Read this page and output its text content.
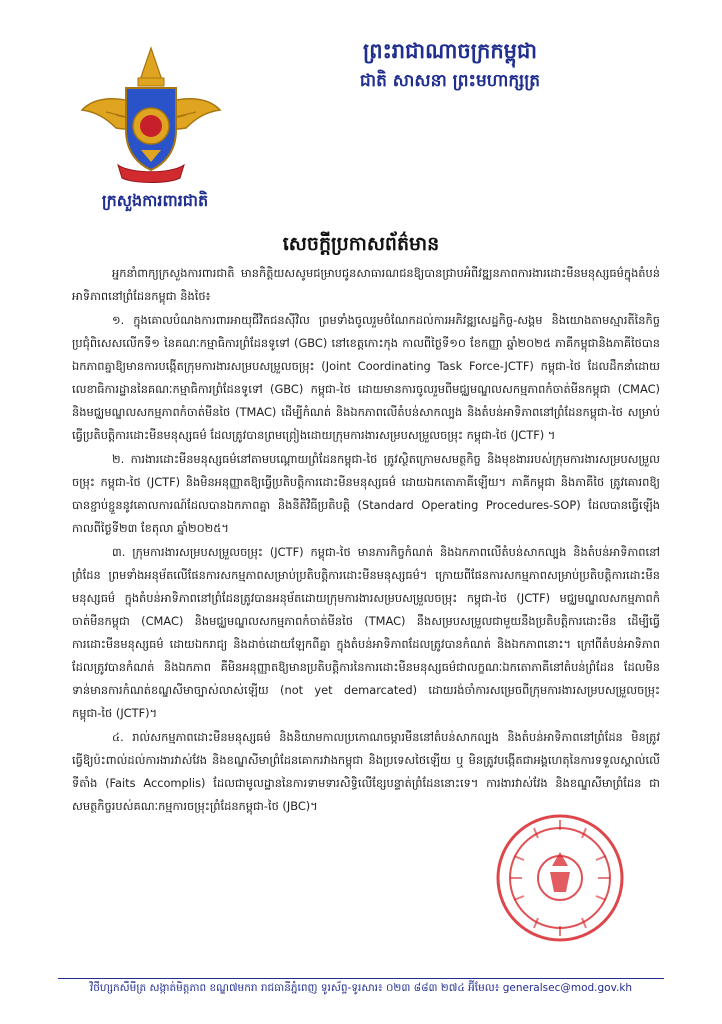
ក្រសួងការពារជាតិ
ព្រះរាជាណាចក្រកម្ពុជា
ជាតិ សាសនា ព្រះមហាក្សត្រ
សេចក្តីប្រកាសព័ត៌មាន

អ្នកនាំពាក្យក្រសួងការពារជាតិ មានកិត្តិយសសូមជម្រាបជូនសាធារណជនឱ្យបានជ្រាបអំពីវឌ្ឍនភាពការងារដោះមីនមនុស្សធម៌ក្នុងតំបន់អាទិភាពនៅព្រំដែនកម្ពុជា និងថៃ៖

១. ក្នុងគោលបំណងការពារអាយុជីវិតជនស៊ីវិល ព្រមទាំងចូលរួមចំណែកដល់ការអភិវឌ្ឍសេដ្ឋកិច្ច-សង្គម និងយោងតាមស្មារតីនៃកិច្ចប្រជុំពិសេសលើកទី១ នៃគណៈកម្មាធិការព្រំដែនទូទៅ (GBC) នៅខេត្តកោះកុង កាលពីថ្ងៃទី១០ ខែកញ្ញា ឆ្នាំ២០២៥ ភាគីកម្ពុជានិងភាគីថៃបានឯកភាពគ្នាឱ្យមានការបង្កើតក្រុមការងារសម្របសម្រួលចម្រុះ (Joint Coordinating Task Force-JCTF) កម្ពុជា-ថៃ ដែលដឹកនាំដោយលេខាធិការដ្ឋាននៃគណៈកម្មាធិការព្រំដែនទូទៅ (GBC) កម្ពុជា-ថៃ ដោយមានការចូលរួមពីមជ្ឈមណ្ឌលសកម្មភាពកំចាត់មីនកម្ពុជា (CMAC) និងមជ្ឈមណ្ឌលសកម្មភាពកំចាត់មីនថៃ (TMAC) ដើម្បីកំណត់ និងឯកភាពលើតំបន់សាកល្បង និងតំបន់អាទិភាពនៅព្រំដែនកម្ពុជា-ថៃ សម្រាប់ធ្វើប្រតិបត្តិការដោះមីនមនុស្សធម៌ ដែលត្រូវបានព្រមព្រៀងដោយក្រុមការងារសម្របសម្រួលចម្រុះ កម្ពុជា-ថៃ (JCTF) ។

២. ការងារដោះមីនមនុស្សធម៌នៅតាមបណ្តោយព្រំដែនកម្ពុជា-ថៃ ត្រូវស្ថិតក្រោមសមត្ថកិច្ច និងមុខងាររបស់ក្រុមការងារសម្របសម្រួលចម្រុះ កម្ពុជា-ថៃ (JCTF) និងមិនអនុញ្ញាតឱ្យធ្វើប្រតិបត្តិការដោះមីនមនុស្សធម៌ ដោយឯកតោភាគីឡើយ។ ភាគីកម្ពុជា និងភាគីថៃ ត្រូវគោរពឱ្យបានខ្ជាប់ខ្ជួននូវគោលការណ៍ដែលបានឯកភាពគ្នា និងនីតិវិធីប្រតិបត្តិ (Standard Operating Procedures-SOP) ដែលបានធ្វើឡើងកាលពីថ្ងៃទី២៣ ខែតុលា ឆ្នាំ២០២៥។

៣. ក្រុមការងារសម្របសម្រួលចម្រុះ (JCTF) កម្ពុជា-ថៃ មានភារកិច្ចកំណត់ និងឯកភាពលើតំបន់សាកល្បង និងតំបន់អាទិភាពនៅព្រំដែន ព្រមទាំងអនុម័តលើផែនការសកម្មភាពសម្រាប់ប្រតិបត្តិការដោះមីនមនុស្សធម៌។ ក្រោយពីផែនការសកម្មភាពសម្រាប់ប្រតិបត្តិការដោះមីនមនុស្សធម៌ ក្នុងតំបន់អាទិភាពនៅព្រំដែនត្រូវបានអនុម័តដោយក្រុមការងារសម្របសម្រួលចម្រុះ កម្ពុជា-ថៃ (JCTF) មជ្ឈមណ្ឌលសកម្មភាពកំចាត់មីនកម្ពុជា (CMAC) និងមជ្ឈមណ្ឌលសកម្មភាពកំចាត់មីនថៃ (TMAC) នឹងសម្របសម្រួលជាមួយនឹងប្រតិបត្តិការដោះមីន ដើម្បីធ្វើការដោះមីនមនុស្សធម៌ ដោយឯករាជ្យ និងដាច់ដោយឡែកពីគ្នា ក្នុងតំបន់អាទិភាពដែលត្រូវបានកំណត់ និងឯកភាពនោះ។ ក្រៅពីតំបន់អាទិភាពដែលត្រូវបានកំណត់ និងឯកភាព គឺមិនអនុញ្ញាតឱ្យមានប្រតិបត្តិការនៃការដោះមីនមនុស្សធម៌ជាលក្ខណៈឯកតោភាគីនៅតំបន់ព្រំដែន ដែលមិនទាន់មានការកំណត់ខណ្ឌសីមាច្បាស់លាស់ឡើយ (not yet demarcated) ដោយរង់ចាំការសម្រេចពីក្រុមការងារសម្របសម្រួលចម្រុះ កម្ពុជា-ថៃ (JCTF)។

៤. រាល់សកម្មភាពដោះមីនមនុស្សធម៌ និងនិយាមកាលប្រកោណចម្ការមីននៅតំបន់សាកល្បង និងតំបន់អាទិភាពនៅព្រំដែន មិនត្រូវធ្វើឱ្យប៉ះពាល់ដល់ការងារវាស់វែង និងខណ្ឌសីមាព្រំដែនគោករវាងកម្ពុជា និងប្រទេសថៃឡើយ ឬ មិនត្រូវបង្កើតជាអង្គហេតុនៃការទទួលស្គាល់លើទីតាំង (Faits Accomplis) ដែលជាមូលដ្ឋាននៃការទាមទារសិទ្ធិលើខ្សែបន្ទាត់ព្រំដែននោះទេ។ ការងារវាស់វែង និងខណ្ឌសីមាព្រំដែន ជាសមត្ថកិច្ចរបស់គណៈកម្មការចម្រុះព្រំដែនកម្ពុជា-ថៃ (JBC)។

វិថីហ្សកសឺមីត្រ សង្កាត់មិត្តភាព ខណ្ឌ៧មករា រាជធានីភ្នំពេញ ទូរស័ព្ទ-ទូរសារ៖ ០២៣ ៨៨៣ ២៧៤ អ៊ីមែល៖ generalsec@mod.gov.kh
